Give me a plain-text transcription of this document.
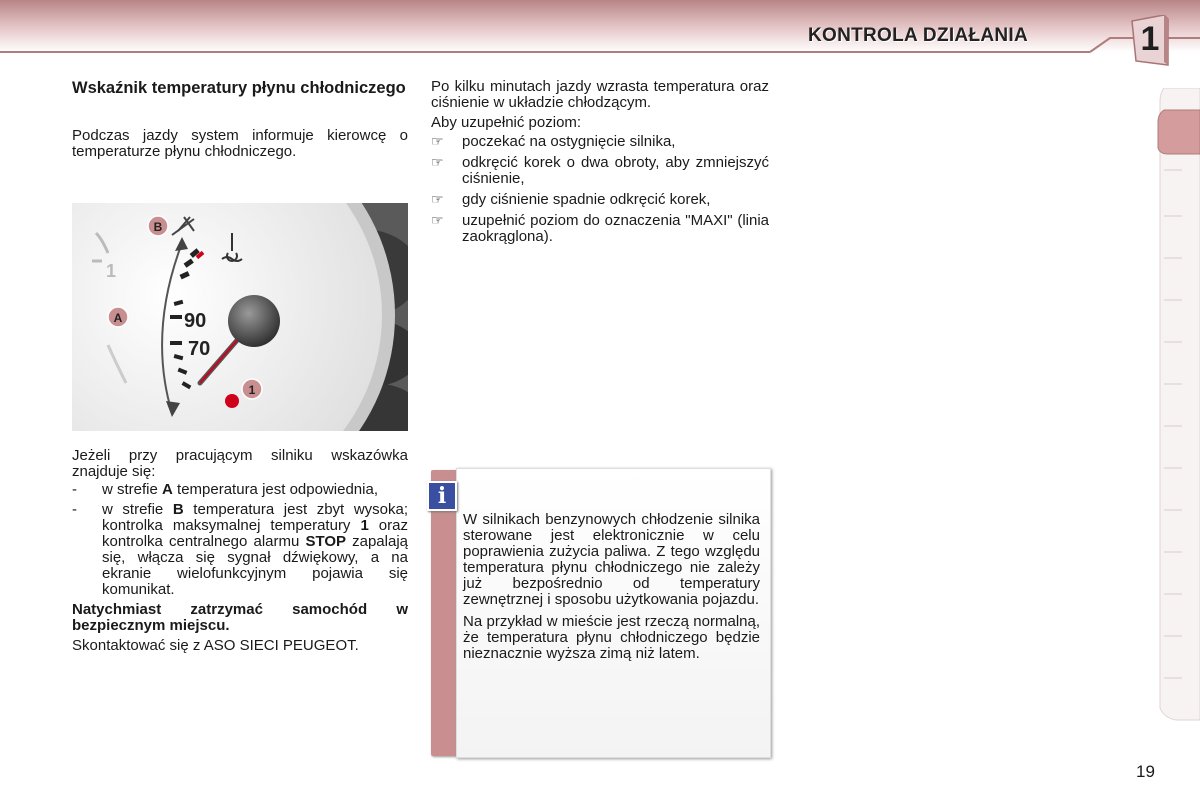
KONTROLA DZIAŁANIA	1
Wskaźnik temperatury płynu chłodniczego

Podczas jazdy system informuje kierowcę o temperaturze płynu chłodniczego.

1
90
70
B
A
1

Jeżeli przy pracującym silniku wskazówka znajduje się:

- w strefie A temperatura jest odpowiednia,
- w strefie B temperatura jest zbyt wysoka; kontrolka maksymalnej temperatury 1 oraz kontrolka centralnego alarmu STOP zapalają się, włącza się sygnał dźwiękowy, a na ekranie wielofunkcyjnym pojawia się komunikat.

Natychmiast zatrzymać samochód w bezpiecznym miejscu.

Skontaktować się z ASO SIECI PEUGEOT.

Po kilku minutach jazdy wzrasta temperatura oraz ciśnienie w układzie chłodzącym.

Aby uzupełnić poziom:

☞ poczekać na ostygnięcie silnika,
☞ odkręcić korek o dwa obroty, aby zmniejszyć ciśnienie,
☞ gdy ciśnienie spadnie odkręcić korek,
☞ uzupełnić poziom do oznaczenia "MAXI" (linia zaokrąglona).
i

W silnikach benzynowych chłodzenie silnika sterowane jest elektronicznie w celu poprawienia zużycia paliwa. Z tego względu temperatura płynu chłodniczego nie zależy już bezpośrednio od temperatury zewnętrznej i sposobu użytkowania pojazdu.

Na przykład w mieście jest rzeczą normalną, że temperatura płynu chłodniczego będzie nieznacznie wyższa zimą niż latem.

19
